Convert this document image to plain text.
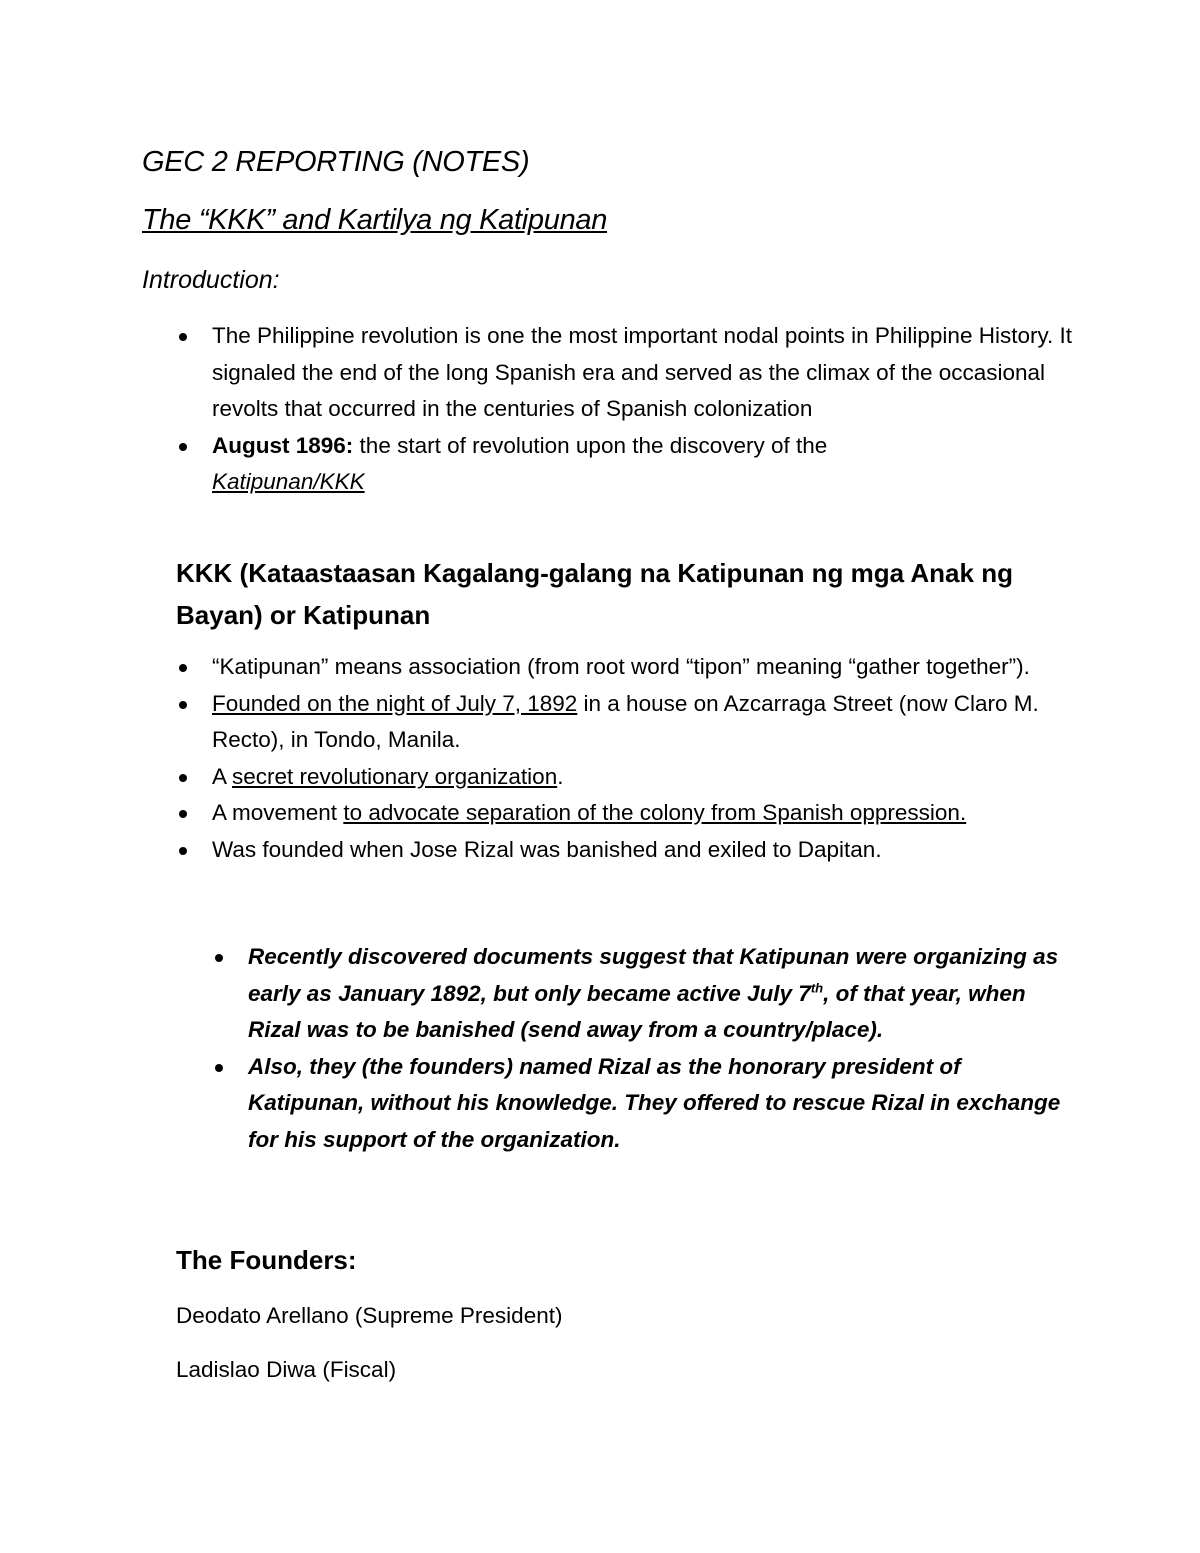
GEC 2 REPORTING (NOTES)
The “KKK” and Kartilya ng Katipunan

Introduction:

The Philippine revolution is one the most important nodal points in Philippine History. It signaled the end of the long Spanish era and served as the climax of the occasional revolts that occurred in the centuries of Spanish colonization
August 1896: the start of revolution upon the discovery of the
Katipunan/KKK
KKK (Kataastaasan Kagalang-galang na Katipunan ng mga Anak ng Bayan) or Katipunan
“Katipunan” means association (from root word “tipon” meaning “gather together”).
Founded on the night of July 7, 1892 in a house on Azcarraga Street (now Claro M. Recto), in Tondo, Manila.
A secret revolutionary organization.
A movement to advocate separation of the colony from Spanish oppression.
Was founded when Jose Rizal was banished and exiled to Dapitan.
Recently discovered documents suggest that Katipunan were organizing as early as January 1892, but only became active July 7th, of that year, when Rizal was to be banished (send away from a country/place).
Also, they (the founders) named Rizal as the honorary president of Katipunan, without his knowledge. They offered to rescue Rizal in exchange for his support of the organization.
The Founders:

Deodato Arellano (Supreme President)

Ladislao Diwa (Fiscal)
